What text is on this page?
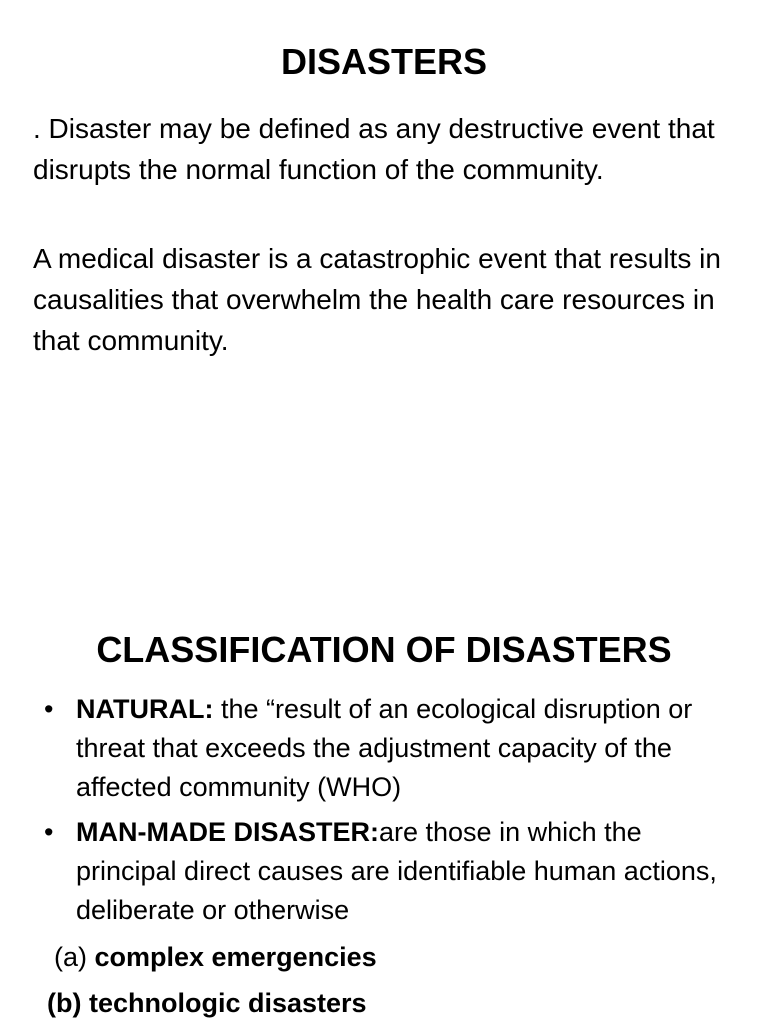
DISASTERS

. Disaster may be defined as any destructive event that disrupts the normal function of the community.

A medical disaster is a catastrophic event that results in causalities that overwhelm the health care resources in that community.

CLASSIFICATION OF DISASTERS
• NATURAL: the “result of an ecological disruption or threat that exceeds the adjustment capacity of the affected community (WHO)
• MAN-MADE DISASTER:are those in which the principal direct causes are identifiable human actions, deliberate or otherwise

(a) complex emergencies

(b) technologic disasters
